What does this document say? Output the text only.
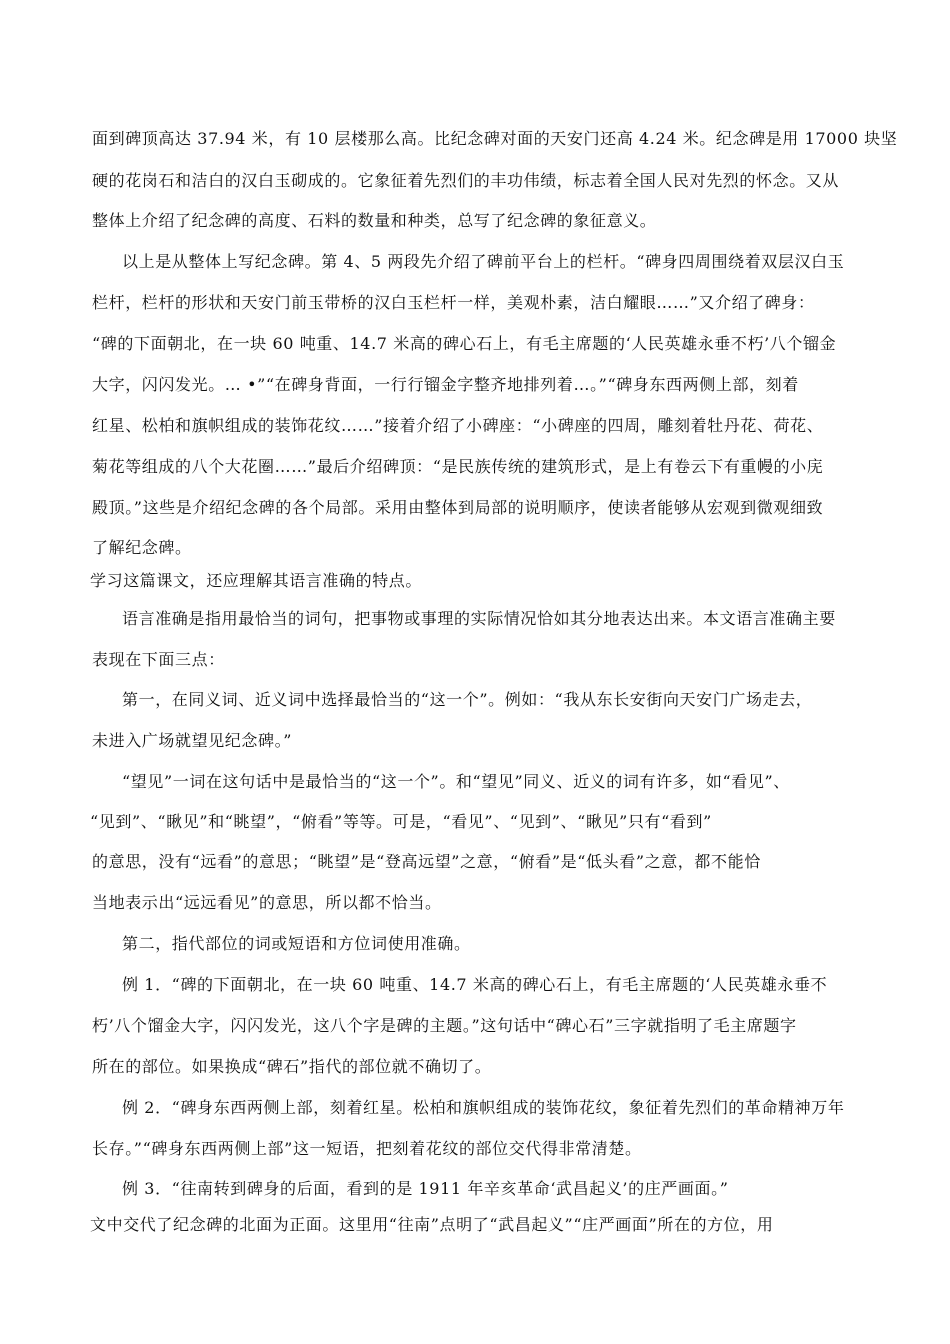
面到碑顶高达 37.94 米，有 10 层楼那么高。比纪念碑对面的天安门还高 4.24 米。纪念碑是用 17000 块坚
硬的花岗石和洁白的汉白玉砌成的。它象征着先烈们的丰功伟绩，标志着全国人民对先烈的怀念。又从
整体上介绍了纪念碑的高度、石料的数量和种类，总写了纪念碑的象征意义。
以上是从整体上写纪念碑。第 4、5 两段先介绍了碑前平台上的栏杆。“碑身四周围绕着双层汉白玉
栏杆，栏杆的形状和天安门前玉带桥的汉白玉栏杆一样，美观朴素，洁白耀眼……”又介绍了碑身：
“碑的下面朝北，在一块 60 吨重、14.7 米高的碑心石上，有毛主席题的‘人民英雄永垂不朽’八个镏金
大字，闪闪发光。… •”“在碑身背面，一行行镏金字整齐地排列着…。”“碑身东西两侧上部，刻着
红星、松柏和旗帜组成的装饰花纹……”接着介绍了小碑座：“小碑座的四周，雕刻着牡丹花、荷花、
菊花等组成的八个大花圈……”最后介绍碑顶：“是民族传统的建筑形式，是上有卷云下有重幔的小庑
殿顶。”这些是介绍纪念碑的各个局部。采用由整体到局部的说明顺序，使读者能够从宏观到微观细致
了解纪念碑。
学习这篇课文，还应理解其语言准确的特点。
语言准确是指用最恰当的词句，把事物或事理的实际情况恰如其分地表达出来。本文语言准确主要
表现在下面三点：
第一，在同义词、近义词中选择最恰当的“这一个”。例如：“我从东长安街向天安门广场走去，
未进入广场就望见纪念碑。”
“望见”一词在这句话中是最恰当的“这一个”。和“望见”同义、近义的词有许多，如“看见”、
“见到”、“瞅见”和“眺望”，“俯看”等等。可是，“看见”、“见到”、“瞅见”只有“看到”
的意思，没有“远看”的意思；“眺望”是“登高远望”之意，“俯看”是“低头看”之意，都不能恰
当地表示出“远远看见”的意思，所以都不恰当。
第二，指代部位的词或短语和方位词使用准确。
例 1．“碑的下面朝北，在一块 60 吨重、14.7 米高的碑心石上，有毛主席题的‘人民英雄永垂不
朽’八个馏金大字，闪闪发光，这八个字是碑的主题。”这句话中“碑心石”三字就指明了毛主席题字
所在的部位。如果换成“碑石”指代的部位就不确切了。
例 2．“碑身东西两侧上部，刻着红星。松柏和旗帜组成的装饰花纹，象征着先烈们的革命精神万年
长存。”“碑身东西两侧上部”这一短语，把刻着花纹的部位交代得非常清楚。
例 3．“往南转到碑身的后面，看到的是 1911 年辛亥革命‘武昌起义’的庄严画面。”
文中交代了纪念碑的北面为正面。这里用“往南”点明了“武昌起义”“庄严画面”所在的方位，用
